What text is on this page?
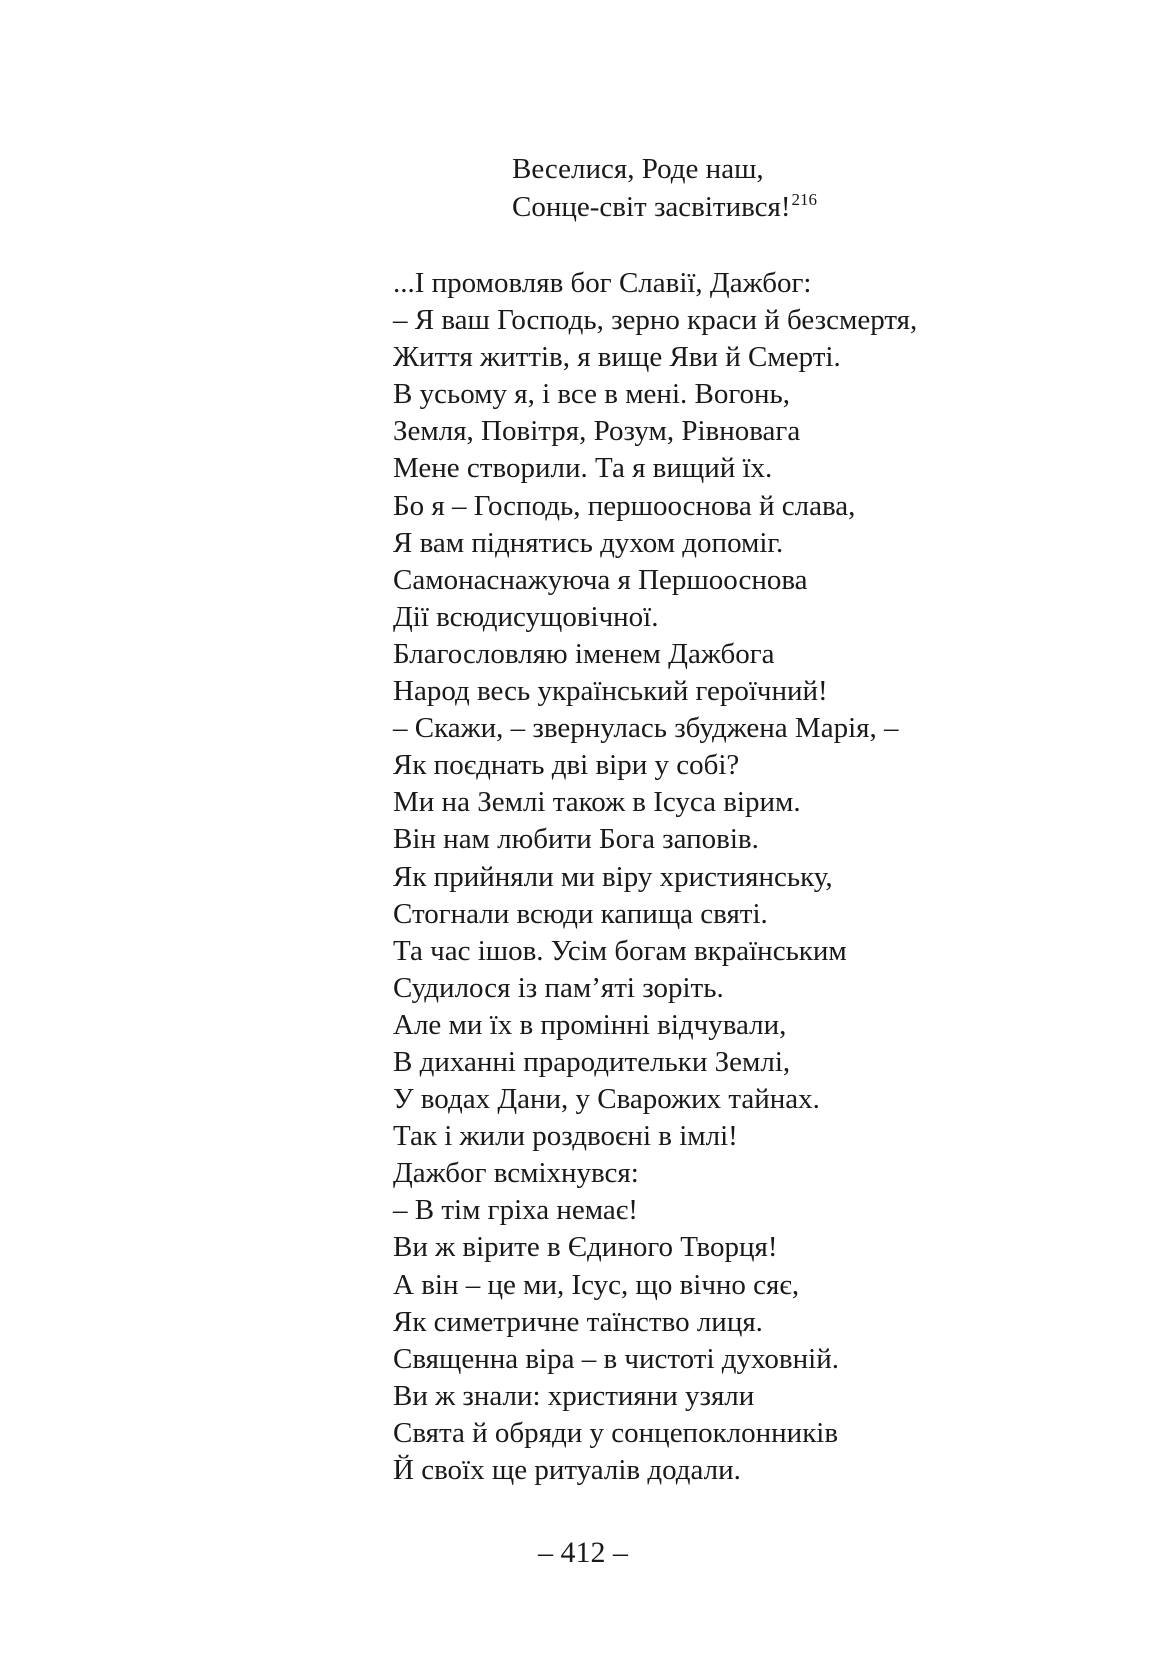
Веселися, Роде наш,
Сонце-світ засвітився!$^{216}$
...І промовляв бог Славії, Дажбог:
– Я ваш Господь, зерно краси й безсмертя,
Життя життів, я вище Яви й Смерті.
В усьому я, і все в мені. Вогонь,
Земля, Повітря, Розум, Рівновага
Мене створили. Та я вищий їх.
Бо я – Господь, першооснова й слава,
Я вам піднятись духом допоміг.
Самонаснажуюча я Першооснова
Дії всюдисущовічної.
Благословляю іменем Дажбога
Народ весь український героїчний!
– Скажи, – звернулась збуджена Марія, –
Як поєднать дві віри у собі?
Ми на Землі також в Ісуса вірим.
Він нам любити Бога заповів.
Як прийняли ми віру християнську,
Стогнали всюди капища святі.
Та час ішов. Усім богам вкраїнським
Судилося із пам’яті зоріть.
Але ми їх в промінні відчували,
В диханні прародительки Землі,
У водах Дани, у Сварожих тайнах.
Так і жили роздвоєні в імлі!
Дажбог всміхнувся:
– В тім гріха немає!
Ви ж вірите в Єдиного Творця!
А він – це ми, Ісус, що вічно сяє,
Як симетричне таїнство лиця.
Священна віра – в чистоті духовній.
Ви ж знали: християни узяли
Свята й обряди у сонцепоклонників
Й своїх ще ритуалів додали.
– 412 –
